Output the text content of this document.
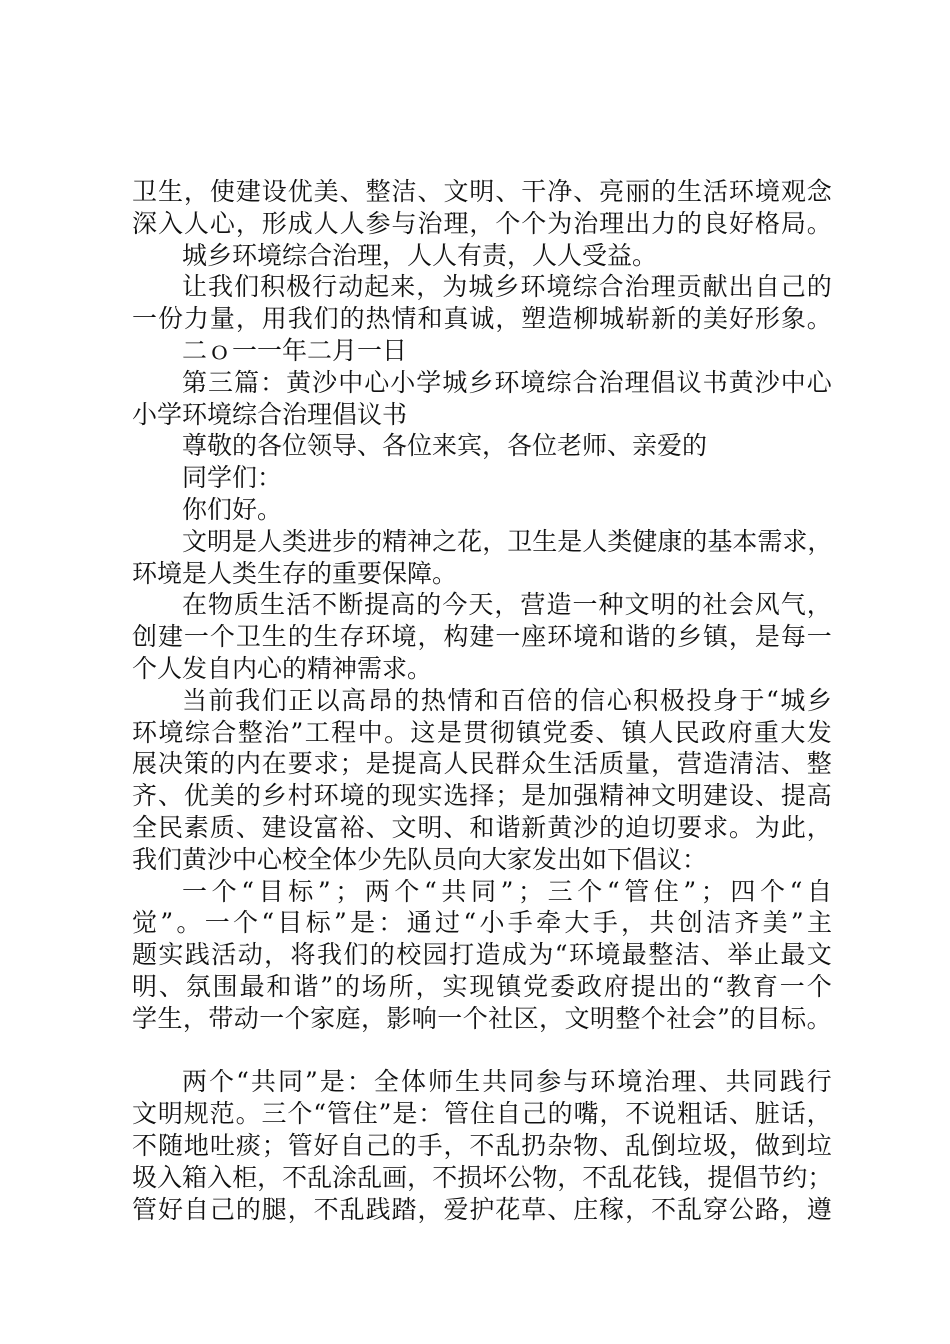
卫 生 ， 使 建 设 优 美 、 整 洁 、 文 明 、 干 净 、 亮 丽 的 生 活 环 境 观 念
深 入 人 心 ， 形 成 人 人 参 与 治 理 ， 个 个 为 治 理 出 力 的 良 好 格 局 。
城乡环境综合治理，人人有责，人人受益。
让 我 们 积 极 行 动 起 来 ， 为 城 乡 环 境 综 合 治 理 贡 献 出 自 己 的
一 份 力 量 ， 用 我 们 的 热 情 和 真 诚 ， 塑 造 柳 城 崭 新 的 美 好 形 象 。
二ｏ一一年二月一日
第 三 篇 ： 黄 沙 中 心 小 学 城 乡 环 境 综 合 治 理 倡 议 书 黄 沙 中 心
小学环境综合治理倡议书
尊敬的各位领导、各位来宾，各位老师、亲爱的
同学们：
你们好。
文 明 是 人 类 进 步 的 精 神 之 花 ， 卫 生 是 人 类 健 康 的 基 本 需 求 ，
环境是人类生存的重要保障。
在 物 质 生 活 不 断 提 高 的 今 天 ， 营 造 一 种 文 明 的 社 会 风 气 ，
创 建 一 个 卫 生 的 生 存 环 境 ， 构 建 一 座 环 境 和 谐 的 乡 镇 ， 是 每 一
个人发自内心的精神需求。
当 前 我 们 正 以 高 昂 的 热 情 和 百 倍 的 信 心 积 极 投 身 于 “ 城 乡
环 境 综 合 整 治 ” 工 程 中 。 这 是 贯 彻 镇 党 委 、 镇 人 民 政 府 重 大 发
展 决 策 的 内 在 要 求 ； 是 提 高 人 民 群 众 生 活 质 量 ， 营 造 清 洁 、 整
齐 、 优 美 的 乡 村 环 境 的 现 实 选 择 ； 是 加 强 精 神 文 明 建 设 、 提 高
全 民 素 质 、 建 设 富 裕 、 文 明 、 和 谐 新 黄 沙 的 迫 切 要 求 。 为 此 ，
我们黄沙中心校全体少先队员向大家发出如下倡议：
一 个 “ 目 标 ” ； 两 个 “ 共 同 ” ； 三 个 “ 管 住 ” ； 四 个 “ 自
觉 ” 。 一 个 “ 目 标 ” 是 ： 通 过 “ 小 手 牵 大 手 ， 共 创 洁 齐 美 ” 主
题 实 践 活 动 ， 将 我 们 的 校 园 打 造 成 为 “ 环 境 最 整 洁 、 举 止 最 文
明 、 氛 围 最 和 谐 ” 的 场 所 ， 实 现 镇 党 委 政 府 提 出 的 “ 教 育 一 个
学 生 ， 带 动 一 个 家 庭 ， 影 响 一 个 社 区 ， 文 明 整 个 社 会 ” 的 目 标 。
两 个 “ 共 同 ” 是 ： 全 体 师 生 共 同 参 与 环 境 治 理 、 共 同 践 行
文 明 规 范 。 三 个 “ 管 住 ” 是 ： 管 住 自 己 的 嘴 ， 不 说 粗 话 、 脏 话 ，
不 随 地 吐 痰 ； 管 好 自 己 的 手 ， 不 乱 扔 杂 物 、 乱 倒 垃 圾 ， 做 到 垃
圾 入 箱 入 柜 ， 不 乱 涂 乱 画 ， 不 损 坏 公 物 ， 不 乱 花 钱 ， 提 倡 节 约 ；
管 好 自 己 的 腿 ， 不 乱 践 踏 ， 爱 护 花 草 、 庄 稼 ， 不 乱 穿 公 路 ， 遵
